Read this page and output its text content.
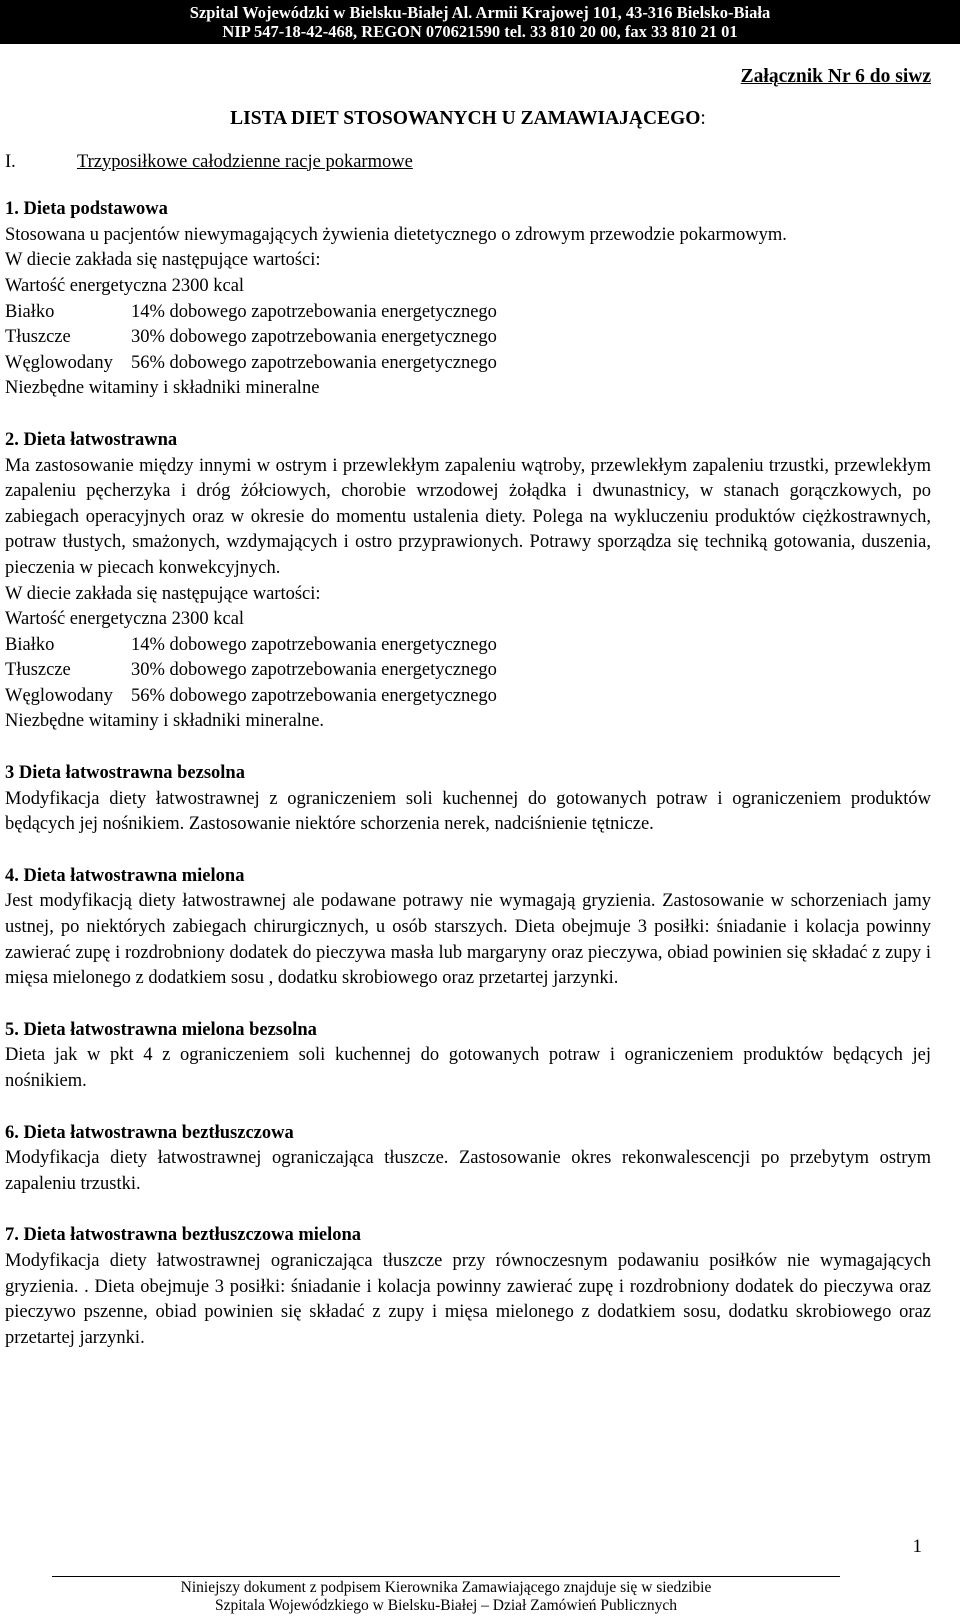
Szpital Wojewódzki w Bielsku-Białej Al. Armii Krajowej 101, 43-316 Bielsko-Biała
NIP 547-18-42-468, REGON 070621590 tel. 33 810 20 00, fax 33 810 21 01
Załącznik Nr 6 do siwz
LISTA DIET STOSOWANYCH U ZAMAWIAJĄCEGO:
I.	Trzyposiłkowe całodzienne racje pokarmowe
1. Dieta podstawowa
Stosowana u pacjentów niewymagających żywienia dietetycznego o zdrowym przewodzie pokarmowym.
W diecie zakłada się następujące wartości:
Wartość energetyczna 2300 kcal
Białko	14% dobowego zapotrzebowania energetycznego
Tłuszcze	30% dobowego zapotrzebowania energetycznego
Węglowodany 56% dobowego zapotrzebowania energetycznego
Niezbędne witaminy i składniki mineralne
2. Dieta łatwostrawna
Ma zastosowanie między innymi w ostrym i przewlekłym zapaleniu wątroby, przewlekłym zapaleniu trzustki, przewlekłym zapaleniu pęcherzyka i dróg żółciowych, chorobie wrzodowej żołądka i dwunastnicy, w stanach gorączkowych, po zabiegach operacyjnych oraz w okresie do momentu ustalenia diety. Polega na wykluczeniu produktów ciężkostrawnych, potraw tłustych, smażonych, wzdymających i ostro przyprawionych. Potrawy sporządza się techniką gotowania, duszenia, pieczenia w piecach konwekcyjnych.
W diecie zakłada się następujące wartości:
Wartość energetyczna 2300 kcal
Białko	14% dobowego zapotrzebowania energetycznego
Tłuszcze	30% dobowego zapotrzebowania energetycznego
Węglowodany 56% dobowego zapotrzebowania energetycznego
Niezbędne witaminy i składniki mineralne.
3 Dieta łatwostrawna bezsolna
Modyfikacja diety łatwostrawnej z ograniczeniem soli kuchennej do gotowanych potraw i ograniczeniem produktów będących jej nośnikiem. Zastosowanie niektóre schorzenia nerek, nadciśnienie tętnicze.
4. Dieta łatwostrawna mielona
Jest modyfikacją diety łatwostrawnej ale podawane potrawy nie wymagają gryzienia. Zastosowanie w schorzeniach jamy ustnej, po niektórych zabiegach chirurgicznych, u osób starszych. Dieta obejmuje 3 posiłki: śniadanie i kolacja powinny zawierać zupę i rozdrobniony dodatek do pieczywa masła lub margaryny oraz pieczywa, obiad powinien się składać z zupy i mięsa mielonego z dodatkiem sosu , dodatku skrobiowego oraz przetartej jarzynki.
5. Dieta łatwostrawna mielona bezsolna
Dieta jak w pkt 4 z ograniczeniem soli kuchennej do gotowanych potraw i ograniczeniem produktów będących jej nośnikiem.
6. Dieta łatwostrawna beztłuszczowa
Modyfikacja diety łatwostrawnej ograniczająca tłuszcze. Zastosowanie okres rekonwalescencji po przebytym ostrym zapaleniu trzustki.
7. Dieta łatwostrawna beztłuszczowa mielona
Modyfikacja diety łatwostrawnej ograniczająca tłuszcze przy równoczesnym podawaniu posiłków nie wymagających gryzienia. . Dieta obejmuje 3 posiłki: śniadanie i kolacja powinny zawierać zupę i rozdrobniony dodatek do pieczywa oraz pieczywo pszenne, obiad powinien się składać z zupy i mięsa mielonego z dodatkiem sosu, dodatku skrobiowego oraz przetartej jarzynki.
1
Niniejszy dokument z podpisem Kierownika Zamawiającego znajduje się w siedzibie
Szpitala Wojewódzkiego w Bielsku-Białej – Dział Zamówień Publicznych
